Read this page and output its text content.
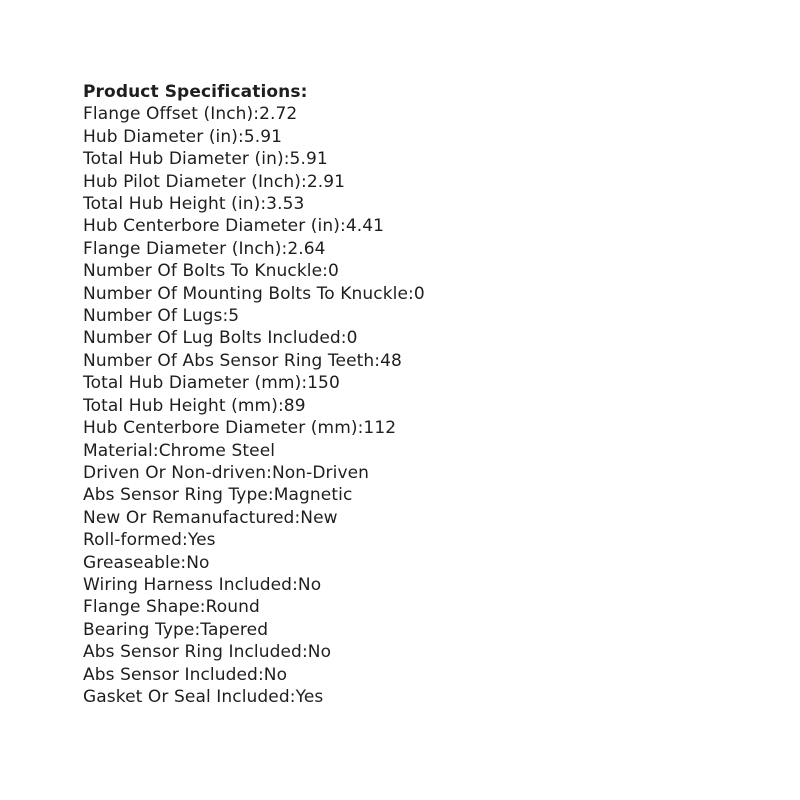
Product Specifications:

Flange Offset (Inch):2.72

Hub Diameter (in):5.91

Total Hub Diameter (in):5.91

Hub Pilot Diameter (Inch):2.91

Total Hub Height (in):3.53

Hub Centerbore Diameter (in):4.41

Flange Diameter (Inch):2.64

Number Of Bolts To Knuckle:0

Number Of Mounting Bolts To Knuckle:0

Number Of Lugs:5

Number Of Lug Bolts Included:0

Number Of Abs Sensor Ring Teeth:48

Total Hub Diameter (mm):150

Total Hub Height (mm):89

Hub Centerbore Diameter (mm):112

Material:Chrome Steel

Driven Or Non-driven:Non-Driven

Abs Sensor Ring Type:Magnetic

New Or Remanufactured:New

Roll-formed:Yes

Greaseable:No

Wiring Harness Included:No

Flange Shape:Round

Bearing Type:Tapered

Abs Sensor Ring Included:No

Abs Sensor Included:No

Gasket Or Seal Included:Yes
